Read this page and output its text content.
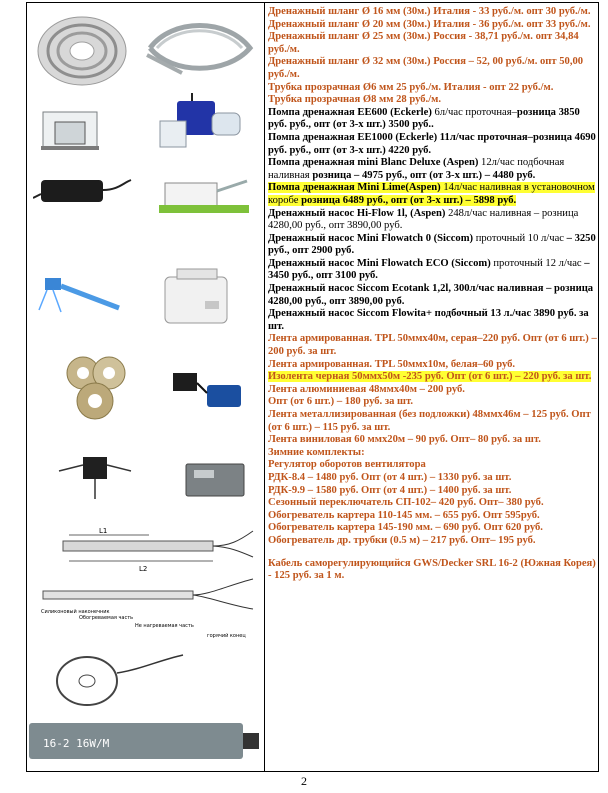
L1
L2
Силиконовый наконечник
Обогреваемая часть
Не нагреваемая часть
горячий конец
16-2 16W/M

Дренажный шланг Ø 16 мм (30м.) Италия - 33 руб./м. опт 30 руб./м.

Дренажный шланг Ø 20 мм (30м.) Италия - 36 руб./м. опт 33 руб./м.

Дренажный шланг Ø 25 мм (30м.) Россия - 38,71 руб./м. опт 34,84 руб./м.

Дренажный шланг Ø 32 мм (30м.) Россия – 52, 00 руб./м. опт 50,00 руб./м.

Трубка прозрачная Ø6 мм 25 руб./м. Италия - опт 22 руб./м.

Трубка прозрачная Ø8 мм 28 руб./м.

Помпа дренажная ЕЕ600 (Eckerle) 6л/час проточная–розница 3850 руб. руб., опт (от 3-х шт.) 3500 руб..

Помпа дренажная ЕЕ1000 (Eckerle) 11л/час проточная–розница 4690 руб. руб., опт (от 3-х шт.) 4220 руб.

Помпа дренажная mini Blanc Deluxe (Aspen) 12л/час подбочная наливная розница – 4975 руб., опт (от 3-х шт.) – 4480 руб.

Помпа дренажная Mini Lime(Aspen) 14л/час наливная в установочном коробе розница 6489 руб., опт (от 3-х шт.) – 5898 руб.

Дренажный насос Hi-Flow 1l, (Aspen) 248л/час наливная – розница 4280,00 руб., опт 3890,00 руб.

Дренажный насос Mini Flowatch 0 (Siccom) проточный 10 л/час – 3250 руб., опт 2900 руб.

Дренажный насос Mini Flowatch ECO (Siccom) проточный 12 л/час – 3450 руб., опт 3100 руб.

Дренажный насос Siccom Ecotank 1,2l, 300л/час наливная – розница 4280,00 руб., опт 3890,00 руб.

Дренажный насос Siccom Flowita+ подбочный 13 л./час 3890 руб. за шт.

Лента армированная. TPL 50ммх40м, серая–220 руб. Опт (от 6 шт.) – 200 руб. за шт.

Лента армированная. TPL 50ммх10м, белая–60 руб.

Изолента черная 50ммх50м -235 руб. Опт (от 6 шт.) – 220 руб. за шт.

Лента алюминиевая 48ммх40м – 200 руб.

Опт (от 6 шт.) – 180 руб. за шт.

Лента металлизированная (без подложки) 48ммх46м – 125 руб. Опт (от 6 шт.) – 115 руб. за шт.

Лента виниловая 60 ммх20м – 90 руб. Опт– 80 руб. за шт.

Зимние комплекты:

Регулятор оборотов вентилятора

РДК-8.4 – 1480 руб. Опт (от 4 шт.) – 1330 руб. за шт.

РДК-9.9 – 1580 руб. Опт (от 4 шт.) – 1400 руб. за шт.

Сезонный переключатель СП-102– 420 руб. Опт– 380 руб.

Обогреватель картера 110-145 мм. – 655 руб. Опт 595руб.

Обогреватель картера 145-190 мм. – 690 руб. Опт 620 руб.

Обогреватель др. трубки (0.5 м) – 217 руб. Опт– 195 руб.

Кабель саморегулирующийся GWS/Decker SRL 16-2 (Южная Корея) - 125 руб. за 1 м.

2
